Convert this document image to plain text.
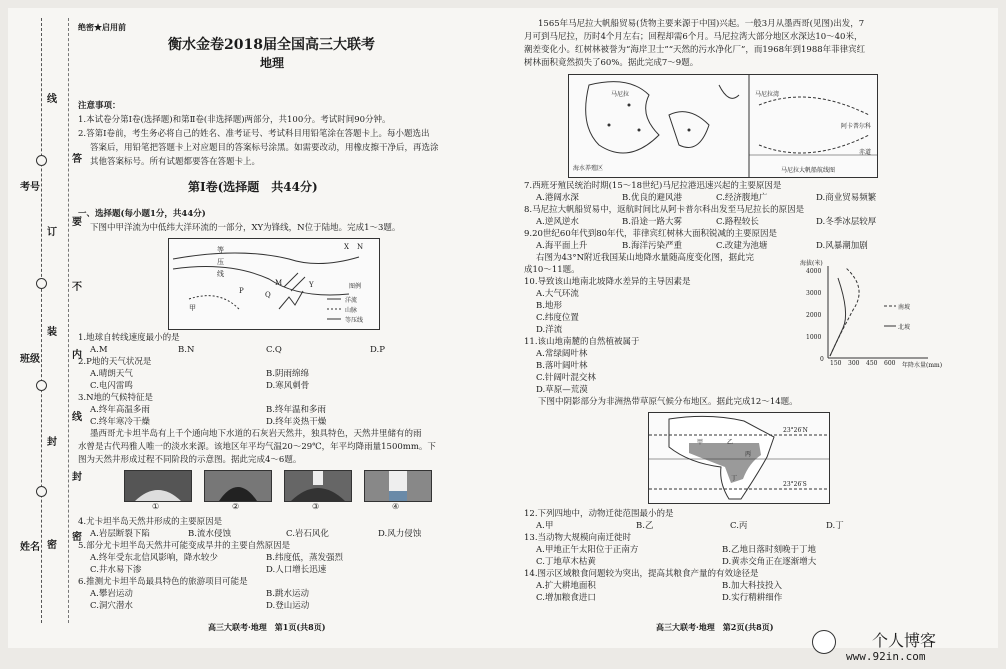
考号
班级
姓名
线
订
装
封
密
答
要
不
内
线
封
密
绝密★启用前
衡水金卷2018届全国高三大联考
地理
注意事项：
1.本试卷分第Ⅰ卷(选择题)和第Ⅱ卷(非选择题)两部分，共100分。考试时间90分钟。
2.答第Ⅰ卷前，考生务必将自己的姓名、准考证号、考试科目用铅笔涂在答题卡上。每小题选出
答案后，用铅笔把答题卡上对应题目的答案标号涂黑。如需要改动，用橡皮擦干净后，再选涂
其他答案标号。所有试题都要答在答题卡上。
第Ⅰ卷(选择题　共44分)
一、选择题(每小题1分，共44分)
下图中甲洋流为中低纬大洋环流的一部分，XY为锋线，N位于陆地。完成1～3题。
等
压
线
X
Y
N
P
M
Q
甲
图例
洋流
山脉
等压线
1.地球自转线速度最小的是
A.M	B.N	C.Q	D.P
2.P地的天气状况是
A.晴朗天气	B.阴雨绵绵
C.电闪雷鸣	D.寒风刺骨
3.N地的气候特征是
A.终年高温多雨	B.终年温和多雨
C.终年寒冷干燥	D.终年炎热干燥
墨西哥尤卡坦半岛有上千个通向地下水道的石灰岩天然井，独具特色，天然井里储有的雨
水曾是古代玛雅人唯一的淡水来源。该地区年平均气温20～29℃，年平均降雨量1500mm。下
图为天然井形成过程不同阶段的示意图。据此完成4～6题。
①	②	③	④
4.尤卡坦半岛天然井形成的主要原因是
A.岩层断裂下陷	B.流水侵蚀	C.岩石风化	D.风力侵蚀
5.部分尤卡坦半岛天然井可能变成旱井的主要自然原因是
A.终年受东北信风影响，降水较少	B.纬度低，蒸发强烈
C.井水易下渗	D.人口增长迅速
6.推测尤卡坦半岛最具特色的旅游项目可能是
A.攀岩运动	B.跳水运动
C.洞穴潜水	D.登山运动
高三大联考·地理　第1页(共8页)
1565年马尼拉大帆船贸易(货物主要来源于中国)兴起。一般3月从墨西哥(见图)出发，7
月可到马尼拉，历时4个月左右；回程却需6个月。马尼拉湾大部分地区水深达10～40米，
潮差变化小。红树林被誉为“海岸卫士”“天然的污水净化厂”，而1968年到1988年菲律宾红
树林面积竟然损失了60%。据此完成7～9题。
马尼拉
海水养殖区	马尼拉大帆船航线图
阿卡普尔科
马尼拉湾
赤道
7.西班牙殖民统治时期(15～18世纪)马尼拉港迅速兴起的主要原因是
A.港阔水深	B.优良的避风港	C.经济腹地广	D.商业贸易频繁
8.马尼拉大帆船贸易中，返航时间比从阿卡普尔科出发至马尼拉长的原因是
A.逆风逆水	B.沿途一路大雾	C.路程较长	D.冬季冰层较厚
9.20世纪60年代到80年代，菲律宾红树林大面积锐减的主要原因是
A.海平面上升	B.海洋污染严重	C.改建为池塘	D.风暴潮加剧
右图为43°N附近我国某山地降水量随高度变化图，据此完
成10～11题。
10.导致该山地南北坡降水差异的主导因素是
A.大气环流
B.地形
C.纬度位置
D.洋流
11.该山地南麓的自然植被属于
A.常绿阔叶林
B.落叶阔叶林
C.针阔叶混交林
D.草原—荒漠
海拔(米)
4000
3000
2000
1000
0
150 300 450 600 年降水量(mm)
南坡
北坡
下图中阴影部分为非洲热带草原气候分布地区。据此完成12～14题。
23°26′N
23°26′S
甲	乙
丙
丁
12.下列四地中，动物迁徙范围最小的是
A.甲	B.乙	C.丙	D.丁
13.当动物大规模向南迁徙时
A.甲地正午太阳位于正南方	B.乙地日落时刻晚于丁地
C.丁地草木枯黄	D.黄赤交角正在逐渐增大
14.图示区域粮食问题较为突出，提高其粮食产量的有效途径是
A.扩大耕地面积	B.加大科技投入
C.增加粮食进口	D.实行精耕细作
高三大联考·地理　第2页(共8页)
个人博客
www.92in.com
